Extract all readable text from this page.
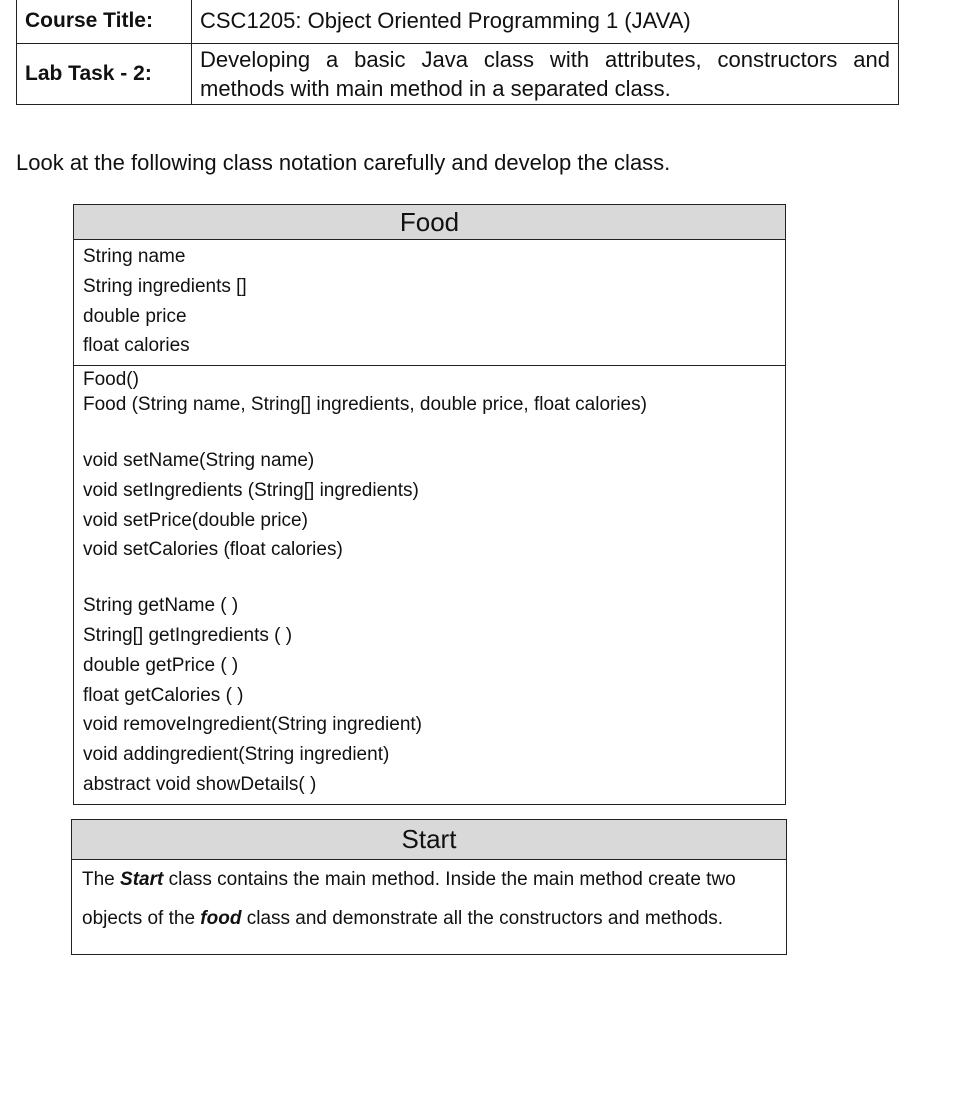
Course Title:	CSC1205: Object Oriented Programming 1 (JAVA)
Lab Task - 2:	Developing a basic Java class with attributes, constructors and methods with main method in a separated class.

Look at the following class notation carefully and develop the class.

Food
String name
String ingredients []
double price
float calories
Food()
Food (String name, String[] ingredients, double price, float calories)
void setName(String name)
void setIngredients (String[] ingredients)
void setPrice(double price)
void setCalories (float calories)
String getName ( )
String[] getIngredients ( )
double getPrice ( )
float getCalories ( )
void removeIngredient(String ingredient)
void addingredient(String ingredient)
abstract void showDetails( )
Start

The Start class contains the main method. Inside the main method create two

objects of the food class and demonstrate all the constructors and methods.
